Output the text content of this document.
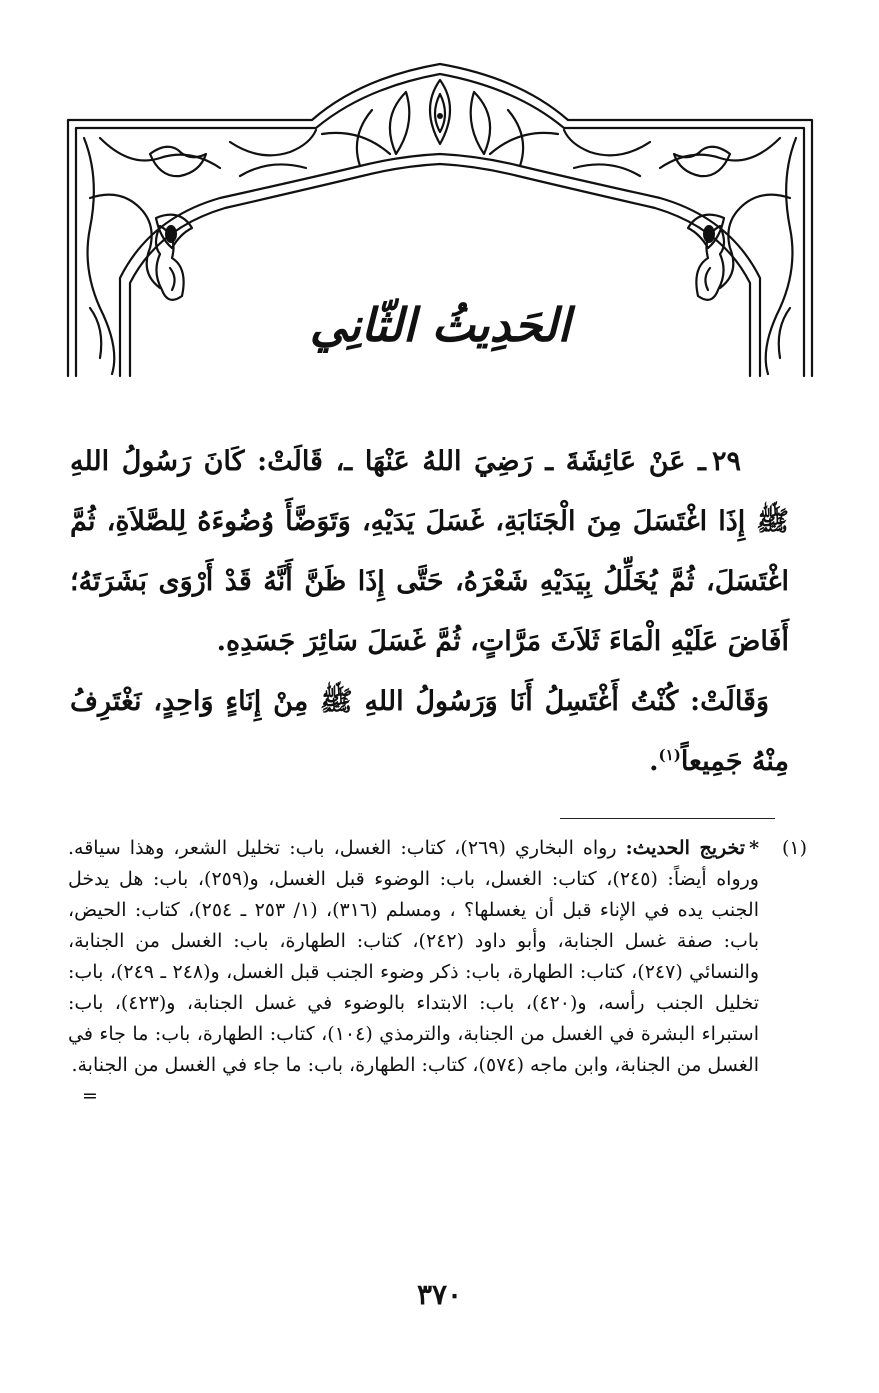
الحَدِيثُ الثّانِي

٢٩ـ عَنْ عَائِشَةَ ـ رَضِيَ اللهُ عَنْهَا ـ، قَالَتْ: كَانَ رَسُولُ اللهِ ﷺ إِذَا اغْتَسَلَ مِنَ الْجَنَابَةِ، غَسَلَ يَدَيْهِ، وَتَوَضَّأَ وُضُوءَهُ لِلصَّلاَةِ، ثُمَّ اغْتَسَلَ، ثُمَّ يُخَلِّلُ بِيَدَيْهِ شَعْرَهُ، حَتَّى إِذَا ظَنَّ أَنَّهُ قَدْ أَرْوَى بَشَرَتَهُ؛ أَفَاضَ عَلَيْهِ الْمَاءَ ثَلاَثَ مَرَّاتٍ، ثُمَّ غَسَلَ سَائِرَ جَسَدِهِ.

وَقَالَتْ: كُنْتُ أَغْتَسِلُ أَنَا وَرَسُولُ اللهِ ﷺ مِنْ إِنَاءٍ وَاحِدٍ، نَغْتَرِفُ مِنْهُ جَمِيعاً$^{(١)}$.

(١)
*تخريج الحديث: رواه البخاري (٢٦٩)، كتاب: الغسل، باب: تخليل الشعر، وهذا سياقه. ورواه أيضاً: (٢٤٥)، كتاب: الغسل، باب: الوضوء قبل الغسل، و(٢٥٩)، باب: هل يدخل الجنب يده في الإناء قبل أن يغسلها؟ ، ومسلم (٣١٦)، (١/ ٢٥٣ ـ ٢٥٤)، كتاب: الحيض، باب: صفة غسل الجنابة، وأبو داود (٢٤٢)، كتاب: الطهارة، باب: الغسل من الجنابة، والنسائي (٢٤٧)، كتاب: الطهارة، باب: ذكر وضوء الجنب قبل الغسل، و(٢٤٨ ـ ٢٤٩)، باب: تخليل الجنب رأسه، و(٤٢٠)، باب: الابتداء بالوضوء في غسل الجنابة، و(٤٢٣)، باب: استبراء البشرة في الغسل من الجنابة، والترمذي (١٠٤)، كتاب: الطهارة، باب: ما جاء في الغسل من الجنابة، وابن ماجه (٥٧٤)، كتاب: الطهارة، باب: ما جاء في الغسل من الجنابة.
=
٣٧٠
